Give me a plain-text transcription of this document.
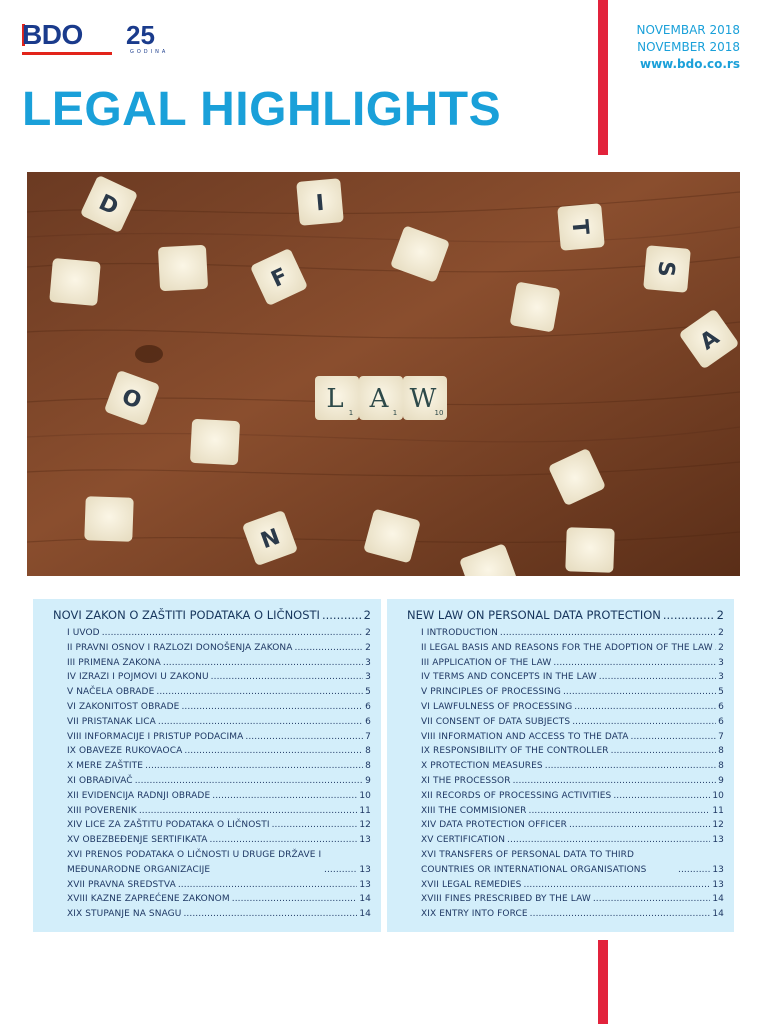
BDO 25
GODINA
NOVEMBAR 2018
NOVEMBER 2018
www.bdo.co.rs
LEGAL HIGHLIGHTS
D	I
F
T
S
A
O
N
L 1 A 1 W
10
NOVI ZAKON O ZAŠTITI PODATAKA O LIČNOSTI .....	2
I UVOD .....	2
II PRAVNI OSNOV I RAZLOZI DONOŠENJA ZAKONA .....	2
III PRIMENA ZAKONA .....	3
IV IZRAZI I POJMOVI U ZAKONU .....	3
V NAČELA OBRADE .....	5
VI ZAKONITOST OBRADE .....	6
VII PRISTANAK LICA .....	6
VIII INFORMACIJE I PRISTUP PODACIMA .....	7
IX OBAVEZE RUKOVAOCA .....	8
X MERE ZAŠTITE .....	8
XI OBRAĐIVAČ .....	9
XII EVIDENCIJA RADNJI OBRADE .....	10
XIII POVERENIK .....	11
XIV LICE ZA ZAŠTITU PODATAKA O LIČNOSTI .....	12
XV OBEZBEĐENJE SERTIFIKATA .....	13
XVI PRENOS PODATAKA O LIČNOSTI U DRUGE DRŽAVE I MEĐUNARODNE ORGANIZACIJE .....	13
XVII PRAVNA SREDSTVA .....	13
XVIII KAZNE ZAPREĆENE ZAKONOM .....	14
XIX STUPANJE NA SNAGU .....	14
NEW LAW ON PERSONAL DATA PROTECTION .....	2
I INTRODUCTION .....	2
II LEGAL BASIS AND REASONS FOR THE ADOPTION OF THE LAW ..... 2
III APPLICATION OF THE LAW .....	3
IV TERMS AND CONCEPTS IN THE LAW .....	3
V PRINCIPLES OF PROCESSING .....	5
VI LAWFULNESS OF PROCESSING .....	6
VII CONSENT OF DATA SUBJECTS .....	6
VIII INFORMATION AND ACCESS TO THE DATA .....	7
IX RESPONSIBILITY OF THE CONTROLLER .....	8
X PROTECTION MEASURES .....	8
XI THE PROCESSOR .....	9
XII RECORDS OF PROCESSING ACTIVITIES .....	10
XIII THE COMMISIONER .....	11
XIV DATA PROTECTION OFFICER .....	12
XV CERTIFICATION .....	13
XVI TRANSFERS OF PERSONAL DATA TO THIRD COUNTRIES OR INTERNATIONAL ORGANISATIONS .....	13
XVII LEGAL REMEDIES .....	13
XVIII FINES PRESCRIBED BY THE LAW .....	14
XIX ENTRY INTO FORCE .....	14
